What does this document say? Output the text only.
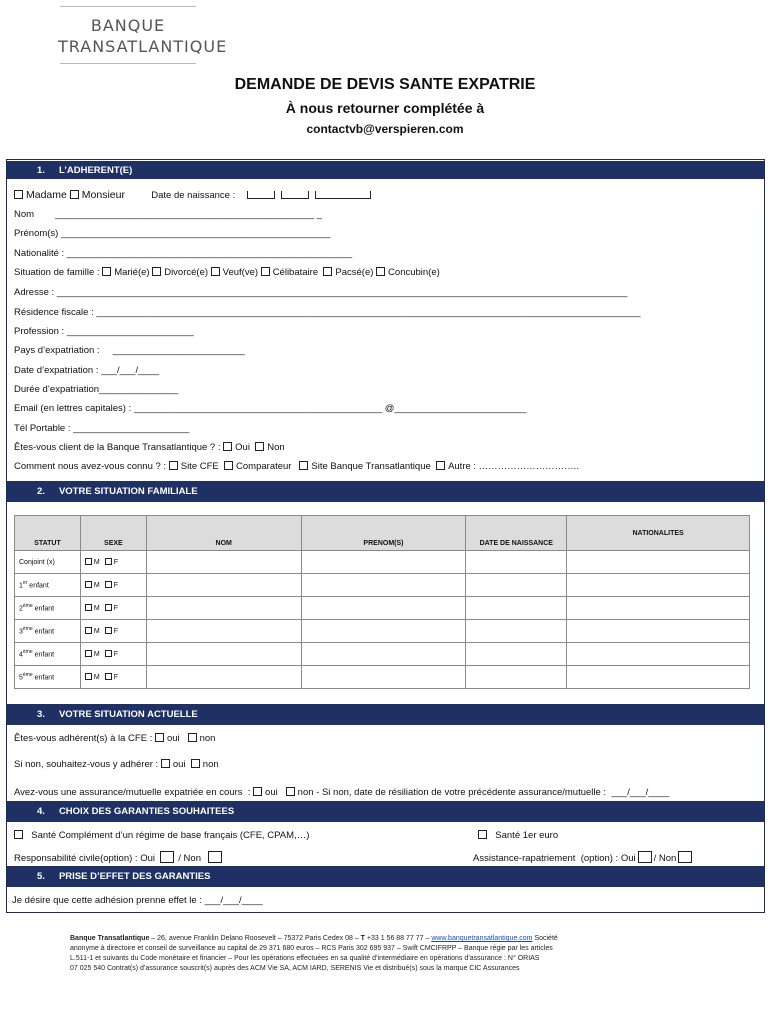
BANQUE
TRANSATLANTIQUE
DEMANDE DE DEVIS SANTE EXPATRIE
À nous retourner complétée à
contactvb@verspieren.com
1. L’ADHERENT(E)
Madame Monsieur	Date de naissance :
Nom        _________________________________________________ _
Prénom(s) ___________________________________________________
Nationalité : ______________________________________________________
Situation de famille : Marié(e) Divorcé(e) Veuf(ve) Célibataire Pacsé(e) Concubin(e)
Adresse : ____________________________________________________________________________________________________________
Résidence fiscale : _______________________________________________________________________________________________________
Profession : ________________________
Pays d’expatriation :     _________________________
Date d’expatriation : ___/___/____
Durée d’expatriation_______________
Email (en lettres capitales) : _______________________________________________ @_________________________
Tél Portable : ______________________
Êtes-vous client de la Banque Transatlantique ? : Oui Non
Comment nous avez-vous connu ? : Site CFE Comparateur Site Banque Transatlantique Autre : …………………………..
2. VOTRE SITUATION FAMILIALE
STATUT	SEXE	NOM	PRENOM(S)	DATE DE NAISSANCE	NATIONALITES
Conjoint (x)	M F				
1er enfant	M F				
2ème enfant	M F				
3ème enfant	M F				
4ème enfant	M F				
5ème enfant	M F				
3. VOTRE SITUATION ACTUELLE
Êtes-vous adhérent(s) à la CFE : oui non
Si non, souhaitez-vous y adhérer : oui non
Avez-vous une assurance/mutuelle expatriée en cours  : oui non - Si non, date de résiliation de votre précédente assurance/mutuelle :  ___/___/____
4. CHOIX DES GARANTIES SOUHAITEES
Santé Complément d’un régime de base français (CFE, CPAM,…)	Santé 1er euro
Responsabilité civile(option) : Oui / Non	Assistance-rapatriement  (option) : Oui / Non
5. PRISE D’EFFET DES GARANTIES
Je désire que cette adhésion prenne effet le : ___/___/____
Banque Transatlantique – 26, avenue Franklin Delano Roosevelt – 75372 Paris Cedex 08 – T +33 1 56 88 77 77 – www.banquetransatlantique.com Société
anonyme à directoire et conseil de surveillance au capital de 29 371 680 euros – RCS Paris 302 695 937 – Swift CMCIFRPP – Banque régie par les articles
L.511-1 et suivants du Code monétaire et financier – Pour les opérations effectuées en sa qualité d’intermédiaire en opérations d’assurance : N° ORIAS
07 025 540 Contrat(s) d’assurance souscrit(s) auprès des ACM Vie SA, ACM IARD, SERENIS Vie et distribué(s) sous la marque CIC Assurances
